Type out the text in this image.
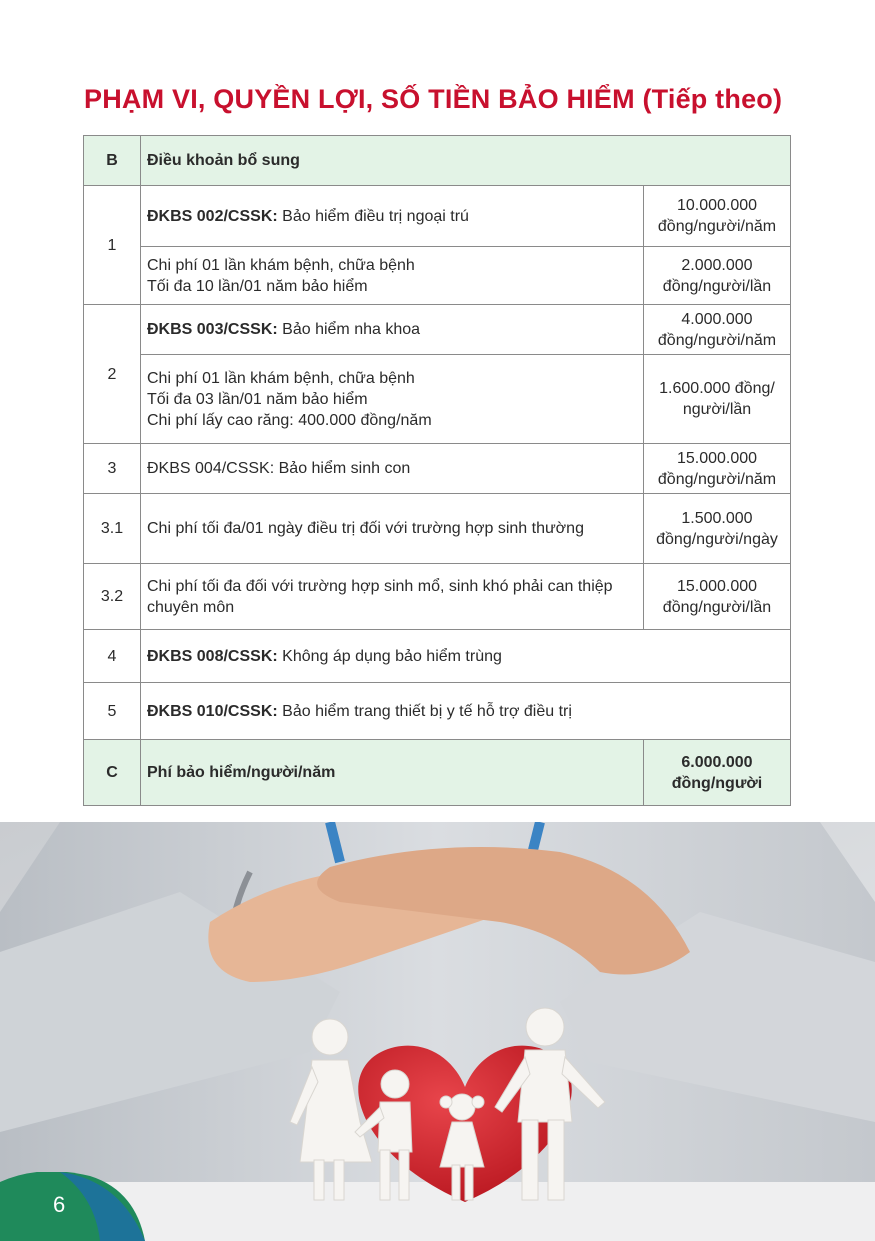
PHẠM VI, QUYỀN LỢI, SỐ TIỀN BẢO HIỂM (Tiếp theo)
B	Điều khoản bổ sung	
1	ĐKBS 002/CSSK: Bảo hiểm điều trị ngoại trú	10.000.000
đồng/người/năm

	Chi phí 01 lần khám bệnh, chữa bệnh
Tối đa 10 lần/01 năm bảo hiểm	2.000.000
đồng/người/lần

2	ĐKBS 003/CSSK: Bảo hiểm nha khoa	4.000.000
đồng/người/năm

	Chi phí 01 lần khám bệnh, chữa bệnh
Tối đa 03 lần/01 năm bảo hiểm
Chi phí lấy cao răng: 400.000 đồng/năm	1.600.000 đồng/
người/lần

3	ĐKBS 004/CSSK: Bảo hiểm sinh con	15.000.000
đồng/người/năm

3.1	Chi phí tối đa/01 ngày điều trị đối với trường hợp sinh thường	1.500.000
đồng/người/ngày

3.2	Chi phí tối đa đối với trường hợp sinh mổ, sinh khó phải can thiệp
chuyên môn	15.000.000
đồng/người/lần

4	ĐKBS 008/CSSK: Không áp dụng bảo hiểm trùng	
5	ĐKBS 010/CSSK: Bảo hiểm trang thiết bị y tế hỗ trợ điều trị	
C	Phí bảo hiểm/người/năm	6.000.000
đồng/người
6
